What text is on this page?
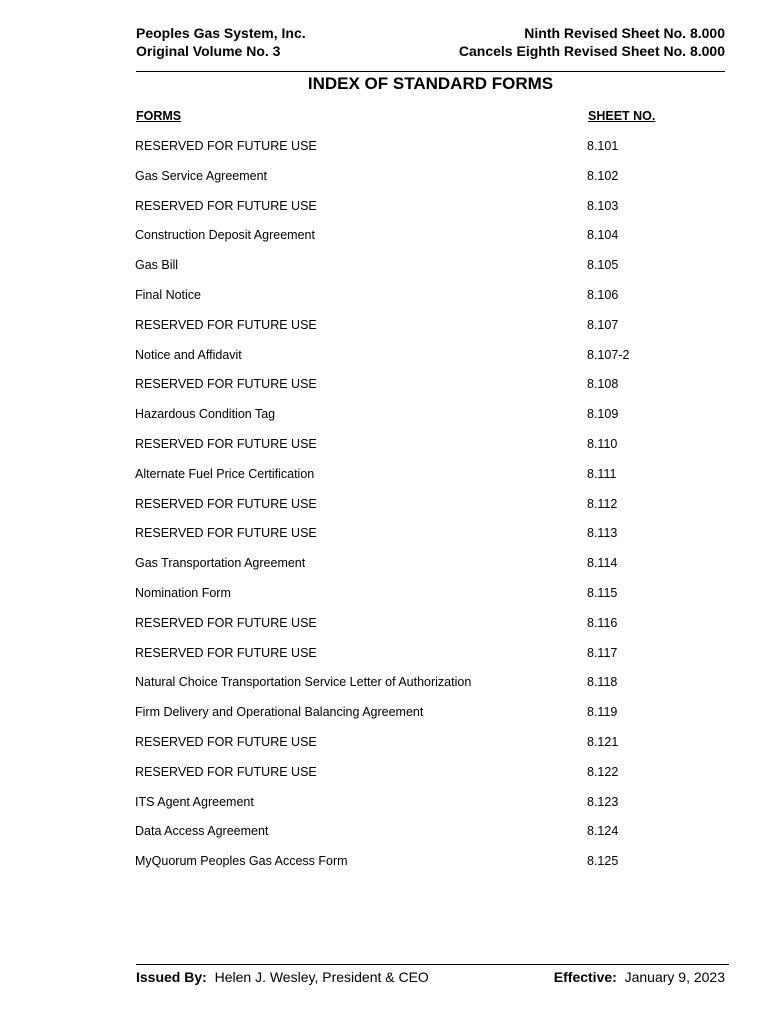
Peoples Gas System, Inc.
Original Volume No. 3
Ninth Revised Sheet No. 8.000
Cancels Eighth Revised Sheet No. 8.000
INDEX OF STANDARD FORMS
FORMS	SHEET NO.
RESERVED FOR FUTURE USE	8.101
Gas Service Agreement	8.102
RESERVED FOR FUTURE USE	8.103
Construction Deposit Agreement	8.104
Gas Bill	8.105
Final Notice	8.106
RESERVED FOR FUTURE USE	8.107
Notice and Affidavit	8.107-2
RESERVED FOR FUTURE USE	8.108
Hazardous Condition Tag	8.109
RESERVED FOR FUTURE USE	8.110
Alternate Fuel Price Certification	8.111
RESERVED FOR FUTURE USE	8.112
RESERVED FOR FUTURE USE	8.113
Gas Transportation Agreement	8.114
Nomination Form	8.115
RESERVED FOR FUTURE USE	8.116
RESERVED FOR FUTURE USE	8.117
Natural Choice Transportation Service Letter of Authorization	8.118
Firm Delivery and Operational Balancing Agreement	8.119
RESERVED FOR FUTURE USE	8.121
RESERVED FOR FUTURE USE	8.122
ITS Agent Agreement	8.123
Data Access Agreement	8.124
MyQuorum Peoples Gas Access Form	8.125
Issued By: Helen J. Wesley, President & CEO	Effective: January 9, 2023
